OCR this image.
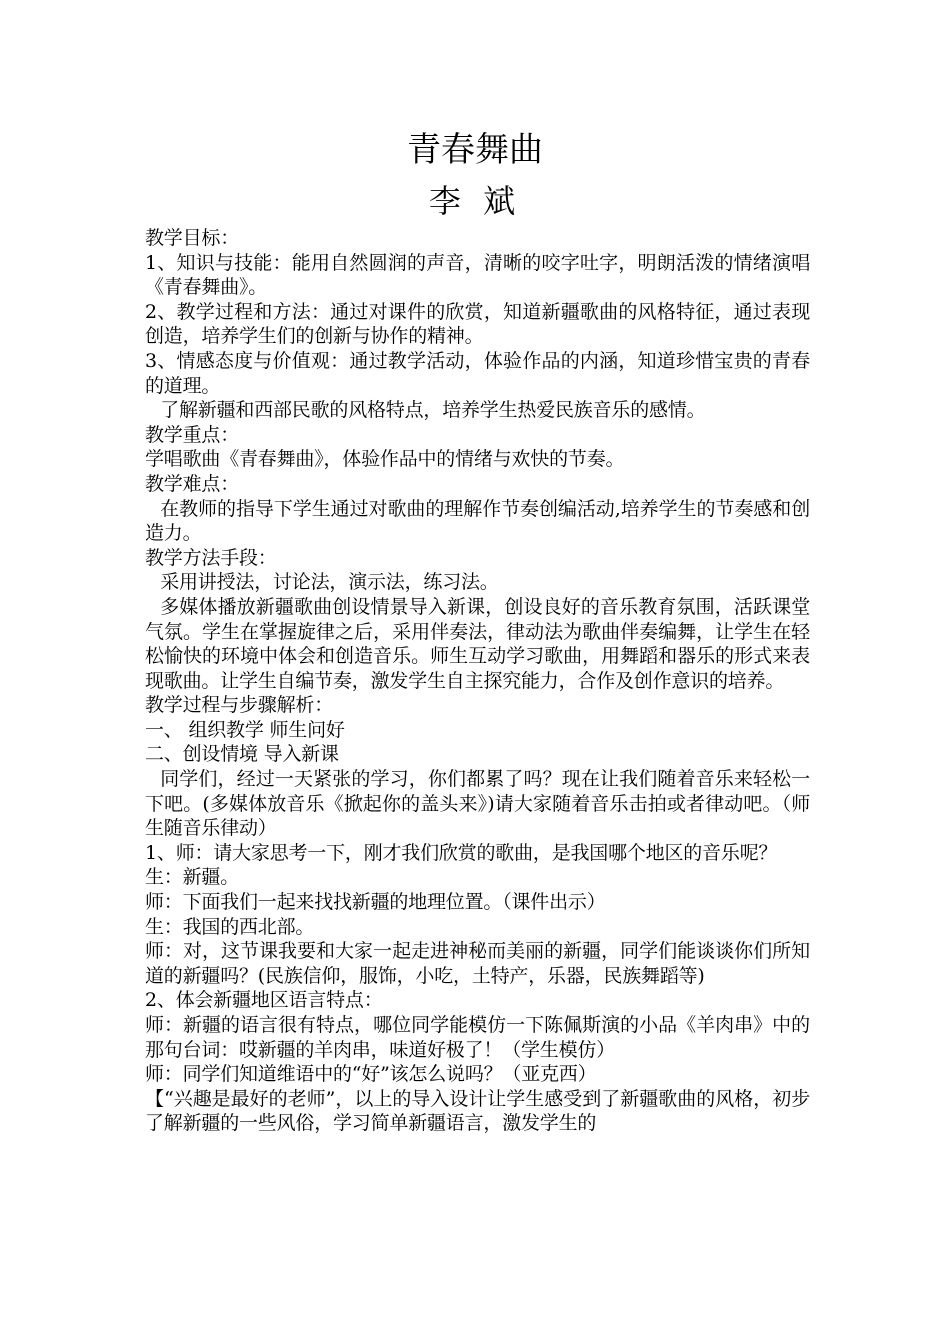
青春舞曲
李 斌

教学目标：

1、知识与技能：能用自然圆润的声音，清晰的咬字吐字，明朗活泼的情绪演唱《青春舞曲》。

2、教学过程和方法：通过对课件的欣赏，知道新疆歌曲的风格特征，通过表现创造，培养学生们的创新与协作的精神。

3、情感态度与价值观：通过教学活动，体验作品的内涵，知道珍惜宝贵的青春的道理。

了解新疆和西部民歌的风格特点，培养学生热爱民族音乐的感情。

教学重点：

学唱歌曲《青春舞曲》，体验作品中的情绪与欢快的节奏。

教学难点：

在教师的指导下学生通过对歌曲的理解作节奏创编活动,培养学生的节奏感和创造力。

教学方法手段：

采用讲授法，讨论法，演示法，练习法。

多媒体播放新疆歌曲创设情景导入新课，创设良好的音乐教育氛围，活跃课堂气氛。学生在掌握旋律之后，采用伴奏法，律动法为歌曲伴奏编舞，让学生在轻松愉快的环境中体会和创造音乐。师生互动学习歌曲，用舞蹈和器乐的形式来表现歌曲。让学生自编节奏，激发学生自主探究能力，合作及创作意识的培养。

教学过程与步骤解析：

一、 组织教学 师生问好

二、创设情境 导入新课

同学们，经过一天紧张的学习，你们都累了吗？现在让我们随着音乐来轻松一下吧。(多媒体放音乐《掀起你的盖头来》)请大家随着音乐击拍或者律动吧。（师生随音乐律动）

1、师：请大家思考一下，刚才我们欣赏的歌曲，是我国哪个地区的音乐呢？

生：新疆。

师：下面我们一起来找找新疆的地理位置。（课件出示）

生：我国的西北部。

师：对，这节课我要和大家一起走进神秘而美丽的新疆，同学们能谈谈你们所知道的新疆吗？(民族信仰，服饰，小吃，土特产，乐器，民族舞蹈等)

2、体会新疆地区语言特点：

师：新疆的语言很有特点，哪位同学能模仿一下陈佩斯演的小品《羊肉串》中的那句台词：哎新疆的羊肉串，味道好极了！（学生模仿）

师：同学们知道维语中的“好”该怎么说吗？（亚克西）

【“兴趣是最好的老师”，以上的导入设计让学生感受到了新疆歌曲的风格，初步了解新疆的一些风俗，学习简单新疆语言，激发学生的
